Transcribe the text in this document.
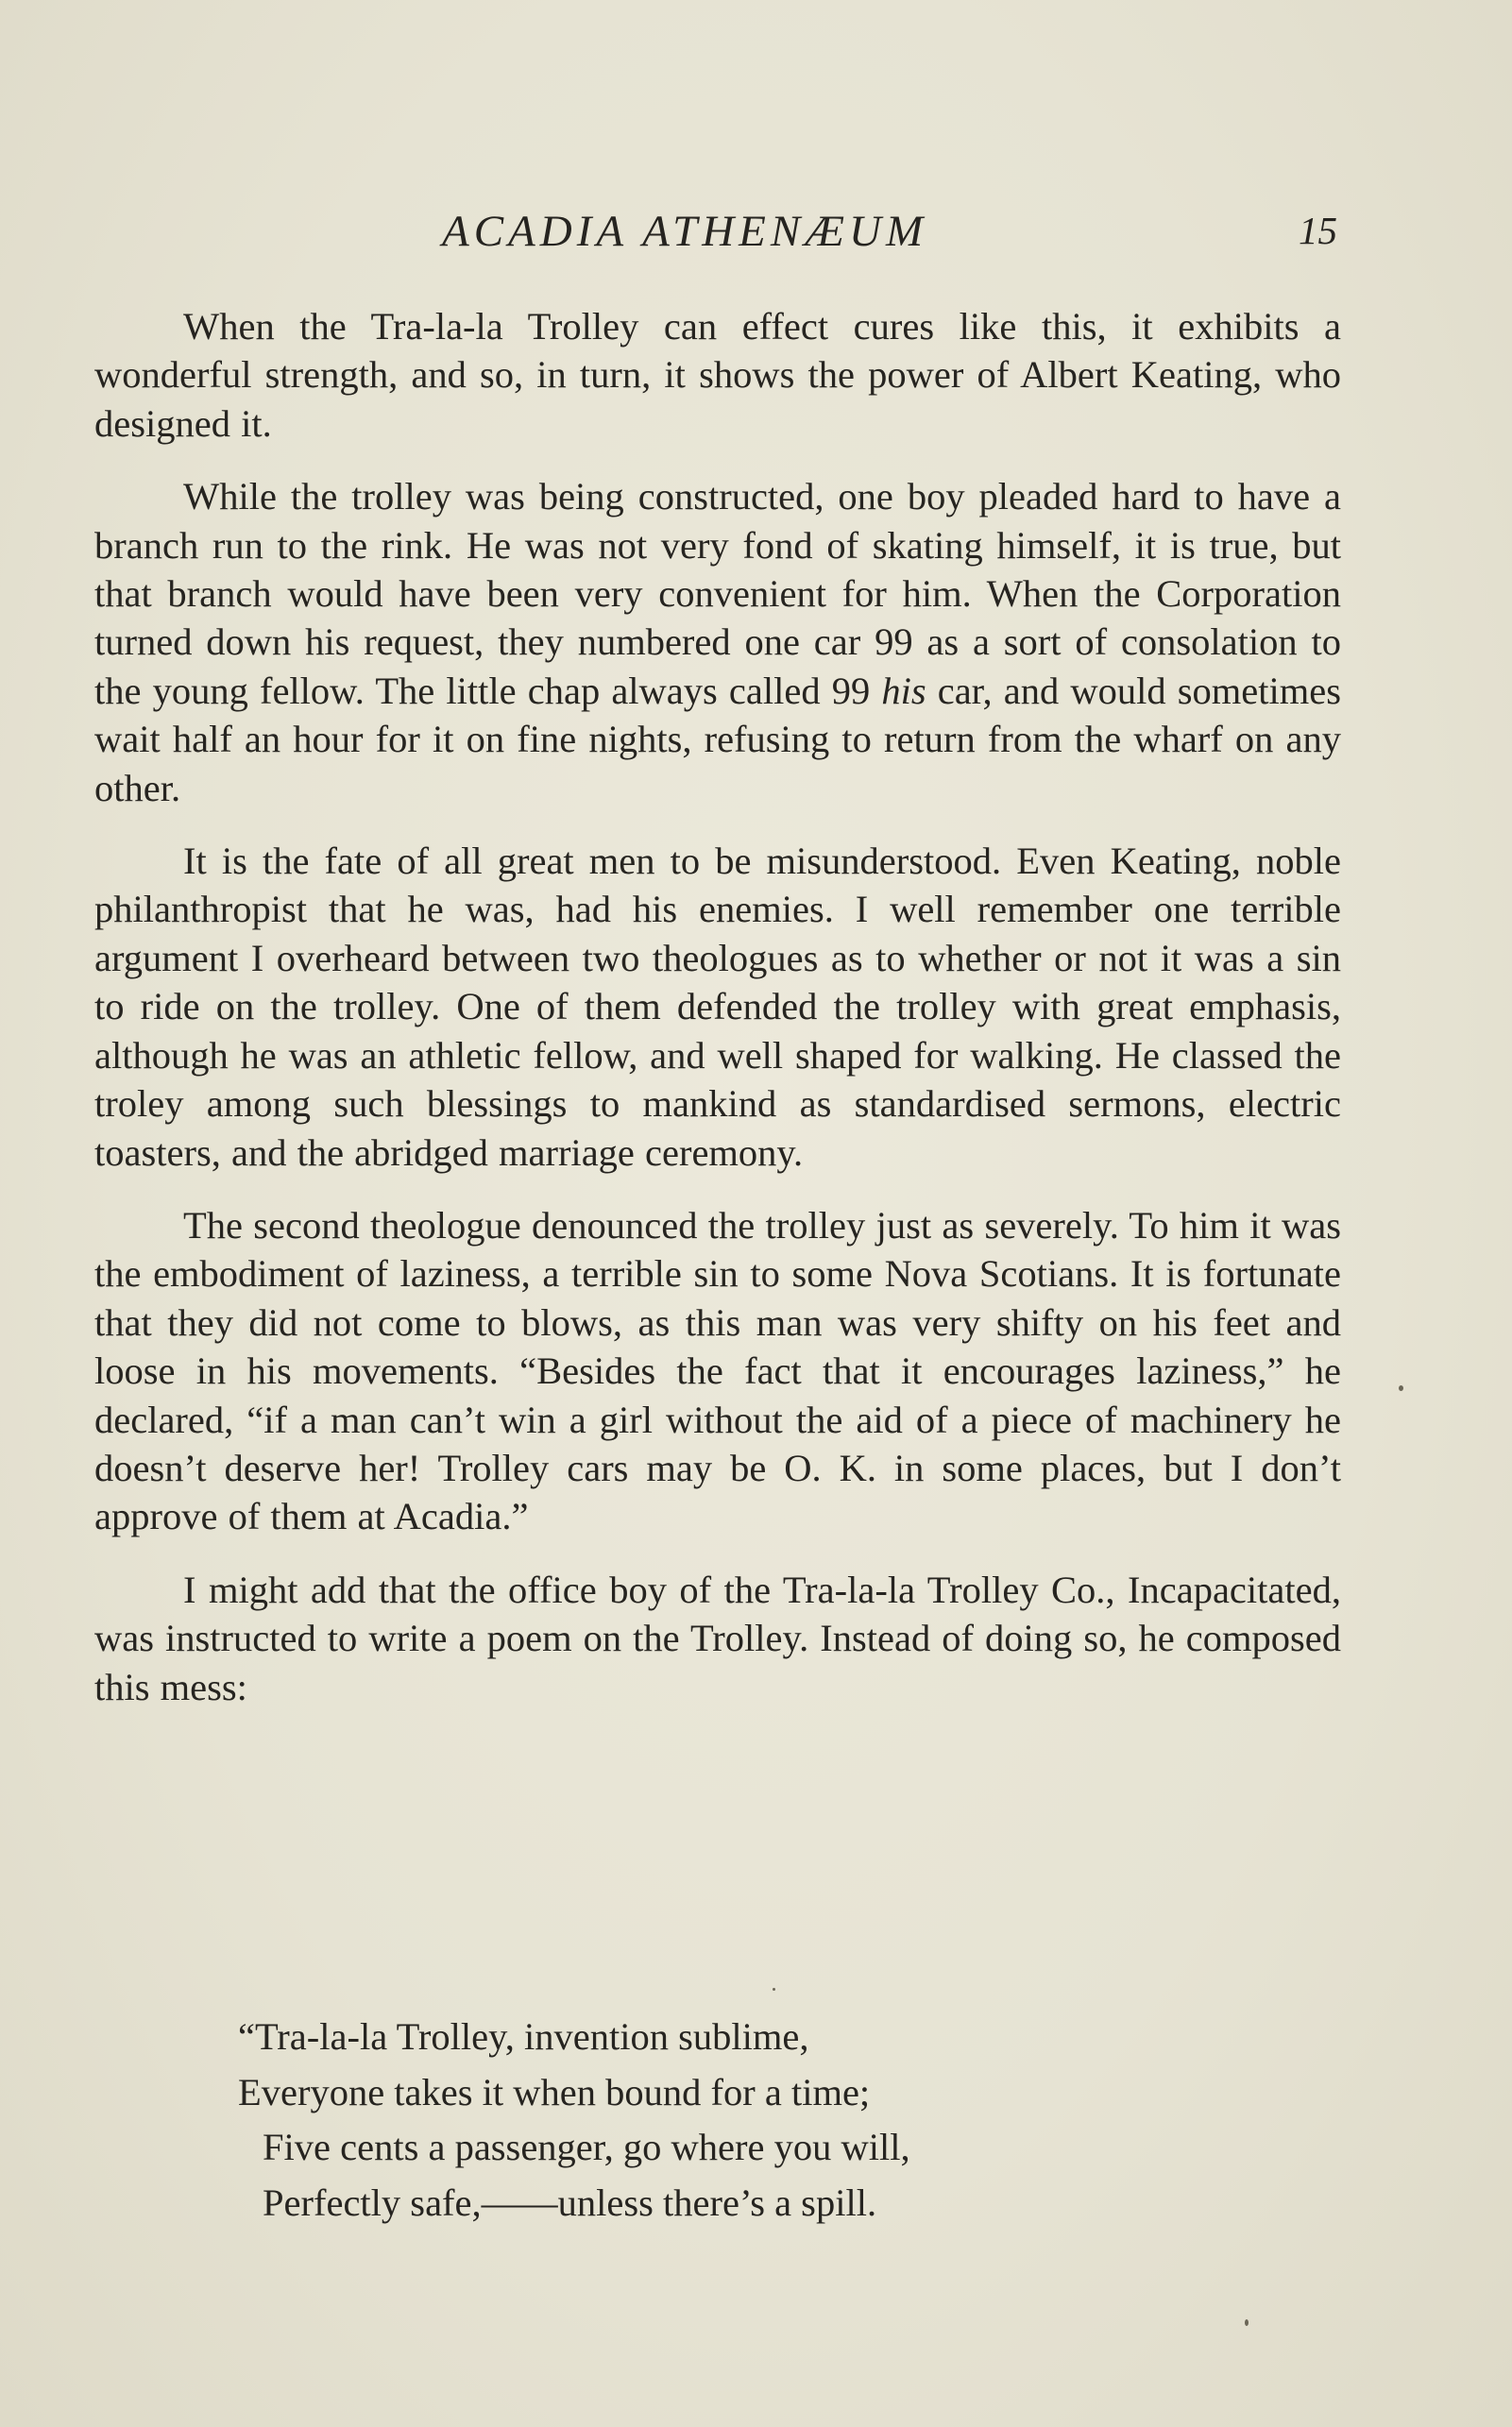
ACADIA ATHENÆUM	15

When the Tra-la-la Trolley can effect cures like this, it exhibits a wonderful strength, and so, in turn, it shows the power of Albert Keating, who designed it.

While the trolley was being constructed, one boy pleaded hard to have a branch run to the rink. He was not very fond of skating himself, it is true, but that branch would have been very convenient for him. When the Corporation turned down his request, they numbered one car 99 as a sort of consolation to the young fellow. The little chap always called 99 his car, and would sometimes wait half an hour for it on fine nights, refusing to return from the wharf on any other.

It is the fate of all great men to be misunderstood. Even Keating, noble philanthropist that he was, had his enemies. I well remember one terrible argument I overheard between two theologues as to whether or not it was a sin to ride on the trolley. One of them defended the trolley with great emphasis, although he was an athletic fellow, and well shaped for walking. He classed the troley among such blessings to mankind as standardised sermons, electric toasters, and the abridged marriage ceremony.

The second theologue denounced the trolley just as severely. To him it was the embodiment of laziness, a terrible sin to some Nova Scotians. It is fortunate that they did not come to blows, as this man was very shifty on his feet and loose in his movements. “Besides the fact that it encourages laziness,” he declared, “if a man can’t win a girl without the aid of a piece of machinery he doesn’t deserve her! Trolley cars may be O. K. in some places, but I don’t approve of them at Acadia.”

I might add that the office boy of the Tra-la-la Trolley Co., Incapacitated, was instructed to write a poem on the Trolley. Instead of doing so, he composed this mess:

“Tra-la-la Trolley, invention sublime,
Everyone takes it when bound for a time;
Five cents a passenger, go where you will,
Perfectly safe,——unless there’s a spill.
